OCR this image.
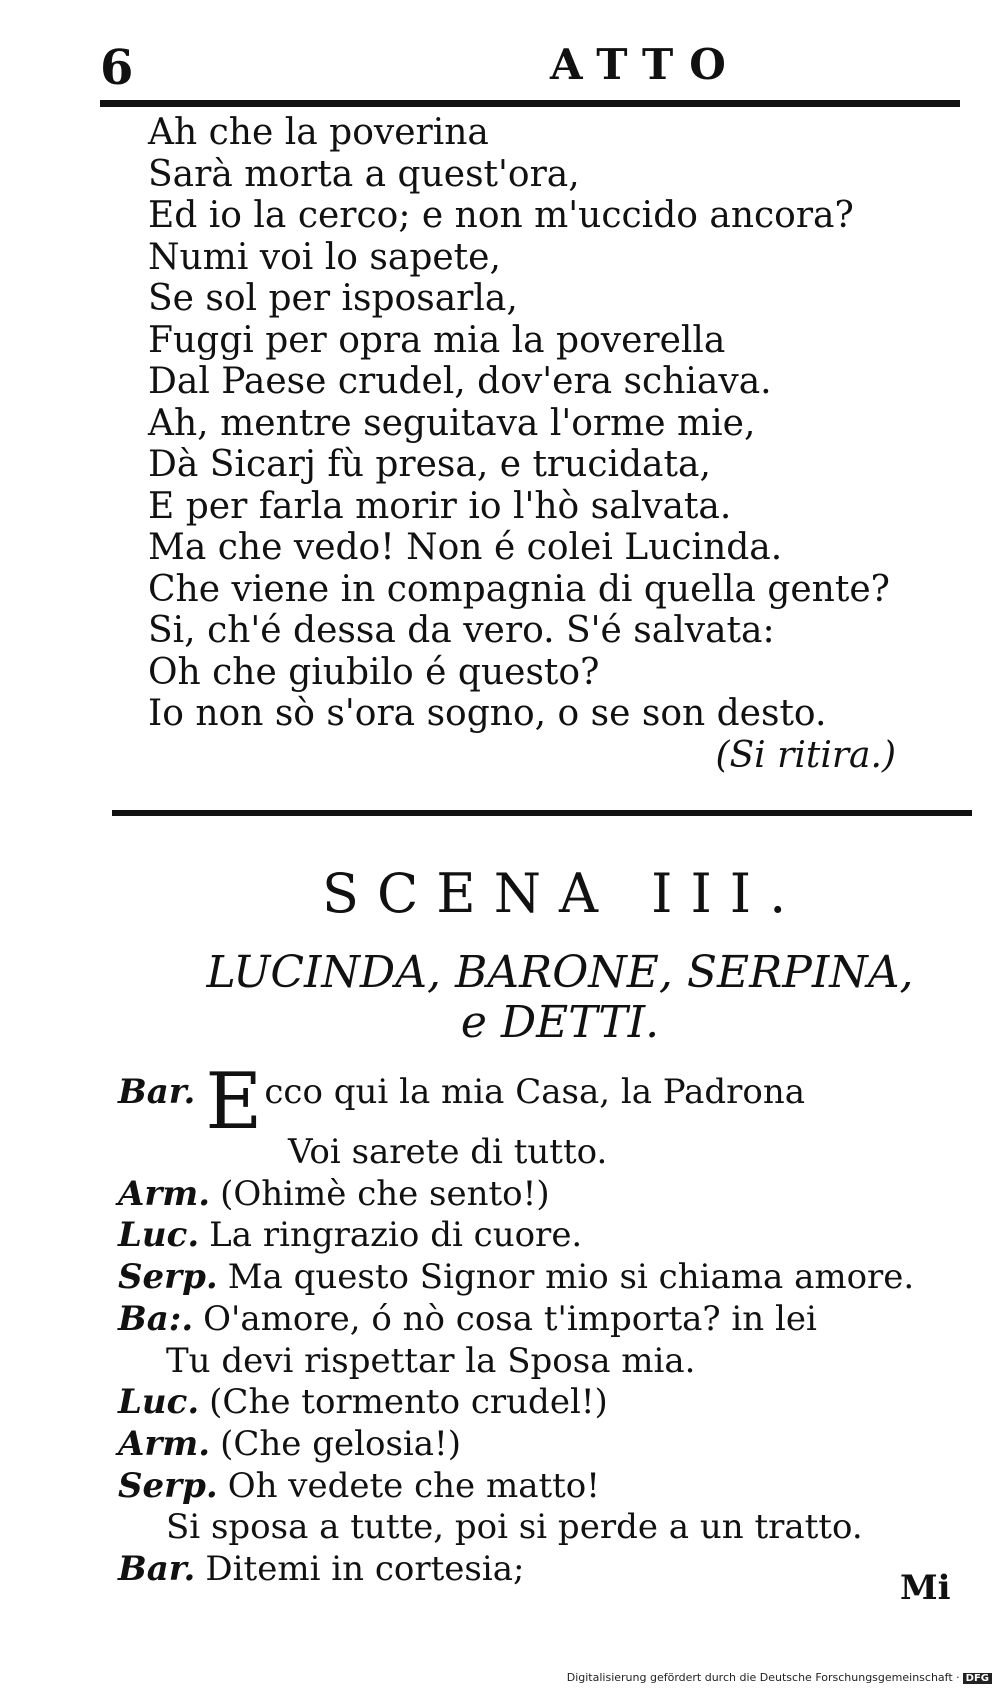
6	ATTO
Ah che la poverina
Sarà morta a quest'ora,
Ed io la cerco; e non m'uccido ancora?
Numi voi lo sapete,
Se sol per isposarla,
Fuggi per opra mia la poverella
Dal Paese crudel, dov'era schiava.
Ah, mentre seguitava l'orme mie,
Dà Sicarj fù presa, e trucidata,
E per farla morir io l'hò salvata.
Ma che vedo! Non é colei Lucinda.
Che viene in compagnia di quella gente?
Si, ch'é dessa da vero. S'é salvata:
Oh che giubilo é questo?
Io non sò s'ora sogno, o se son desto.
(Si ritira.)
SCENA III.
LUCINDA, BARONE, SERPINA,
e DETTI.
Bar. E cco qui la mia Casa, la Padrona
Voi sarete di tutto.
Arm. (Ohimè che sento!)
Luc. La ringrazio di cuore.
Serp. Ma questo Signor mio si chiama amore.
Ba:. O'amore, ó nò cosa t'importa? in lei
Tu devi rispettar la Sposa mia.
Luc. (Che tormento crudel!)
Arm. (Che gelosia!)
Serp. Oh vedete che matto!
Si sposa a tutte, poi si perde a un tratto.
Bar. Ditemi in cortesia;	Mi
Digitalisierung gefördert durch die Deutsche Forschungsgemeinschaft · DFG
